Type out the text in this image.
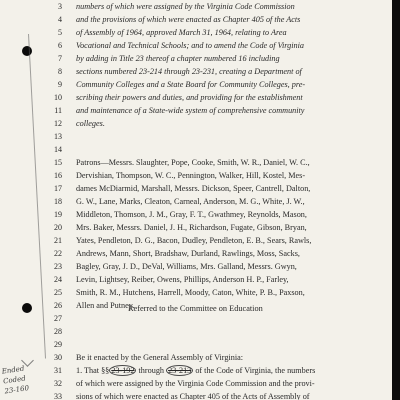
3 numbers of which were assigned by the Virginia Code Commission
4 and the provisions of which were enacted as Chapter 405 of the Acts
5 of Assembly of 1964, approved March 31, 1964, relating to Area
6 Vocational and Technical Schools; and to amend the Code of Virginia
7 by adding in Title 23 thereof a chapter numbered 16 including
8 sections numbered 23-214 through 23-231, creating a Department of
9 Community Colleges and a State Board for Community Colleges, pre-
10 scribing their powers and duties, and providing for the establishment
11 and maintenance of a State-wide system of comprehensive community
12 colleges.
13
14
15 Patrons—Messrs. Slaughter, Pope, Cooke, Smith, W. R., Daniel, W. C.,
16 Dervishian, Thompson, W. C., Pennington, Walker, Hill, Kostel, Mes-
17 dames McDiarmid, Marshall, Messrs. Dickson, Speer, Cantrell, Dalton,
18 G. W., Lane, Marks, Cleaton, Carneal, Anderson, M. G., White, J. W.,
19 Middleton, Thomson, J. M., Gray, F. T., Gwathmey, Reynolds, Mason,
20 Mrs. Baker, Messrs. Daniel, J. H., Richardson, Fugate, Gibson, Bryan,
21 Yates, Pendleton, D. G., Bacon, Dudley, Pendleton, E. B., Sears, Rawls,
22 Andrews, Mann, Short, Bradshaw, Durland, Rawlings, Moss, Sacks,
23 Bagley, Gray, J. D., DeVal, Williams, Mrs. Galland, Messrs. Gwyn,
24 Levin, Lightsey, Reiber, Owens, Phillips, Anderson H. P., Farley,
25 Smith, R. M., Hutchens, Harrell, Moody, Caton, White, P. B., Paxson,
26 Allen and Putney.
27
28
Referred to the Committee on Education
29
30 Be it enacted by the General Assembly of Virginia:
31 1. That §§ 23-192 through 23-213 of the Code of Virginia, the numbers
32 of which were assigned by the Virginia Code Commission and the provi-
33 sions of which were enacted as Chapter 405 of the Acts of Assembly of
Ended
Coded
23-160
